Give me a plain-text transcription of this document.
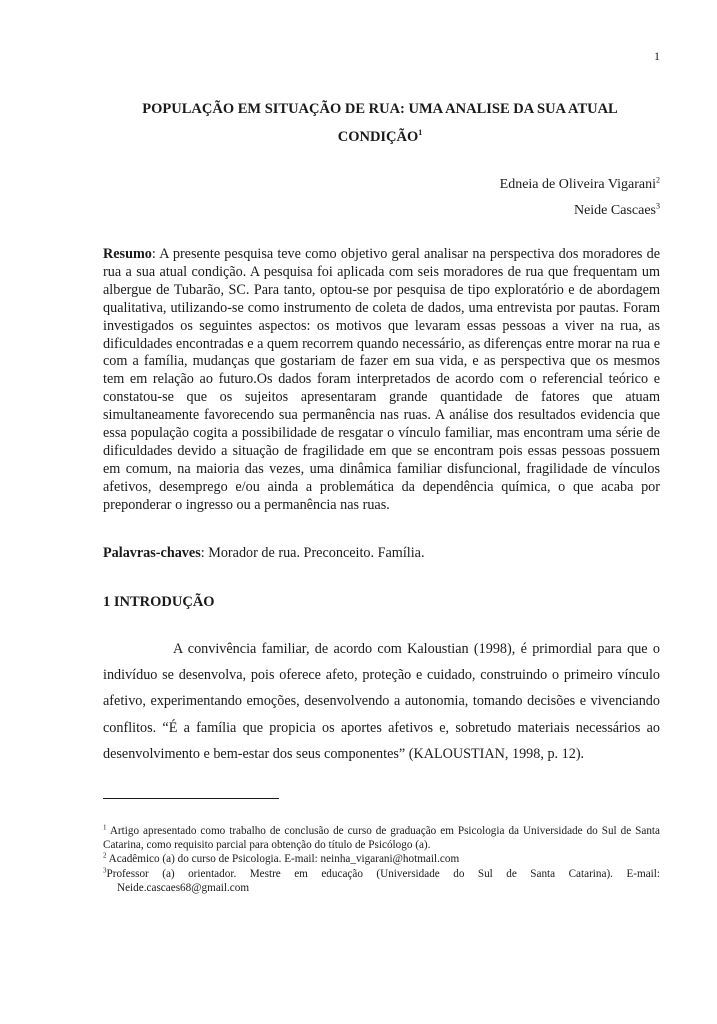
1
POPULAÇÃO EM SITUAÇÃO DE RUA: UMA ANALISE DA SUA ATUAL
CONDIÇÃO$^1$
Edneia de Oliveira Vigarani$^2$
Neide Cascaes$^3$
Resumo: A presente pesquisa teve como objetivo geral analisar na perspectiva dos moradores de rua a sua atual condição. A pesquisa foi aplicada com seis moradores de rua que frequentam um albergue de Tubarão, SC. Para tanto, optou-se por pesquisa de tipo exploratório e de abordagem qualitativa, utilizando-se como instrumento de coleta de dados, uma entrevista por pautas. Foram investigados os seguintes aspectos: os motivos que levaram essas pessoas a viver na rua, as dificuldades encontradas e a quem recorrem quando necessário, as diferenças entre morar na rua e com a família, mudanças que gostariam de fazer em sua vida, e as perspectiva que os mesmos tem em relação ao futuro.Os dados foram interpretados de acordo com o referencial teórico e constatou-se que os sujeitos apresentaram grande quantidade de fatores que atuam simultaneamente favorecendo sua permanência nas ruas. A análise dos resultados evidencia que essa população cogita a possibilidade de resgatar o vínculo familiar, mas encontram uma série de dificuldades devido a situação de fragilidade em que se encontram pois essas pessoas possuem em comum, na maioria das vezes, uma dinâmica familiar disfuncional, fragilidade de vínculos afetivos, desemprego e/ou ainda a problemática da dependência química, o que acaba por preponderar o ingresso ou a permanência nas ruas.
Palavras-chaves: Morador de rua. Preconceito. Família.
1 INTRODUÇÃO
A convivência familiar, de acordo com Kaloustian (1998), é primordial para que o indivíduo se desenvolva, pois oferece afeto, proteção e cuidado, construindo o primeiro vínculo afetivo, experimentando emoções, desenvolvendo a autonomia, tomando decisões e vivenciando conflitos. “É a família que propicia os aportes afetivos e, sobretudo materiais necessários ao desenvolvimento e bem-estar dos seus componentes” (KALOUSTIAN, 1998, p. 12).

$^1$ Artigo apresentado como trabalho de conclusão de curso de graduação em Psicologia da Universidade do Sul de Santa Catarina, como requisito parcial para obtenção do título de Psicólogo (a).

$^2$ Acadêmico (a) do curso de Psicologia. E-mail: neinha_vigarani@hotmail.com

$^3$Professor (a) orientador. Mestre em educação (Universidade do Sul de Santa Catarina). E-mail: Neide.cascaes68@gmail.com
